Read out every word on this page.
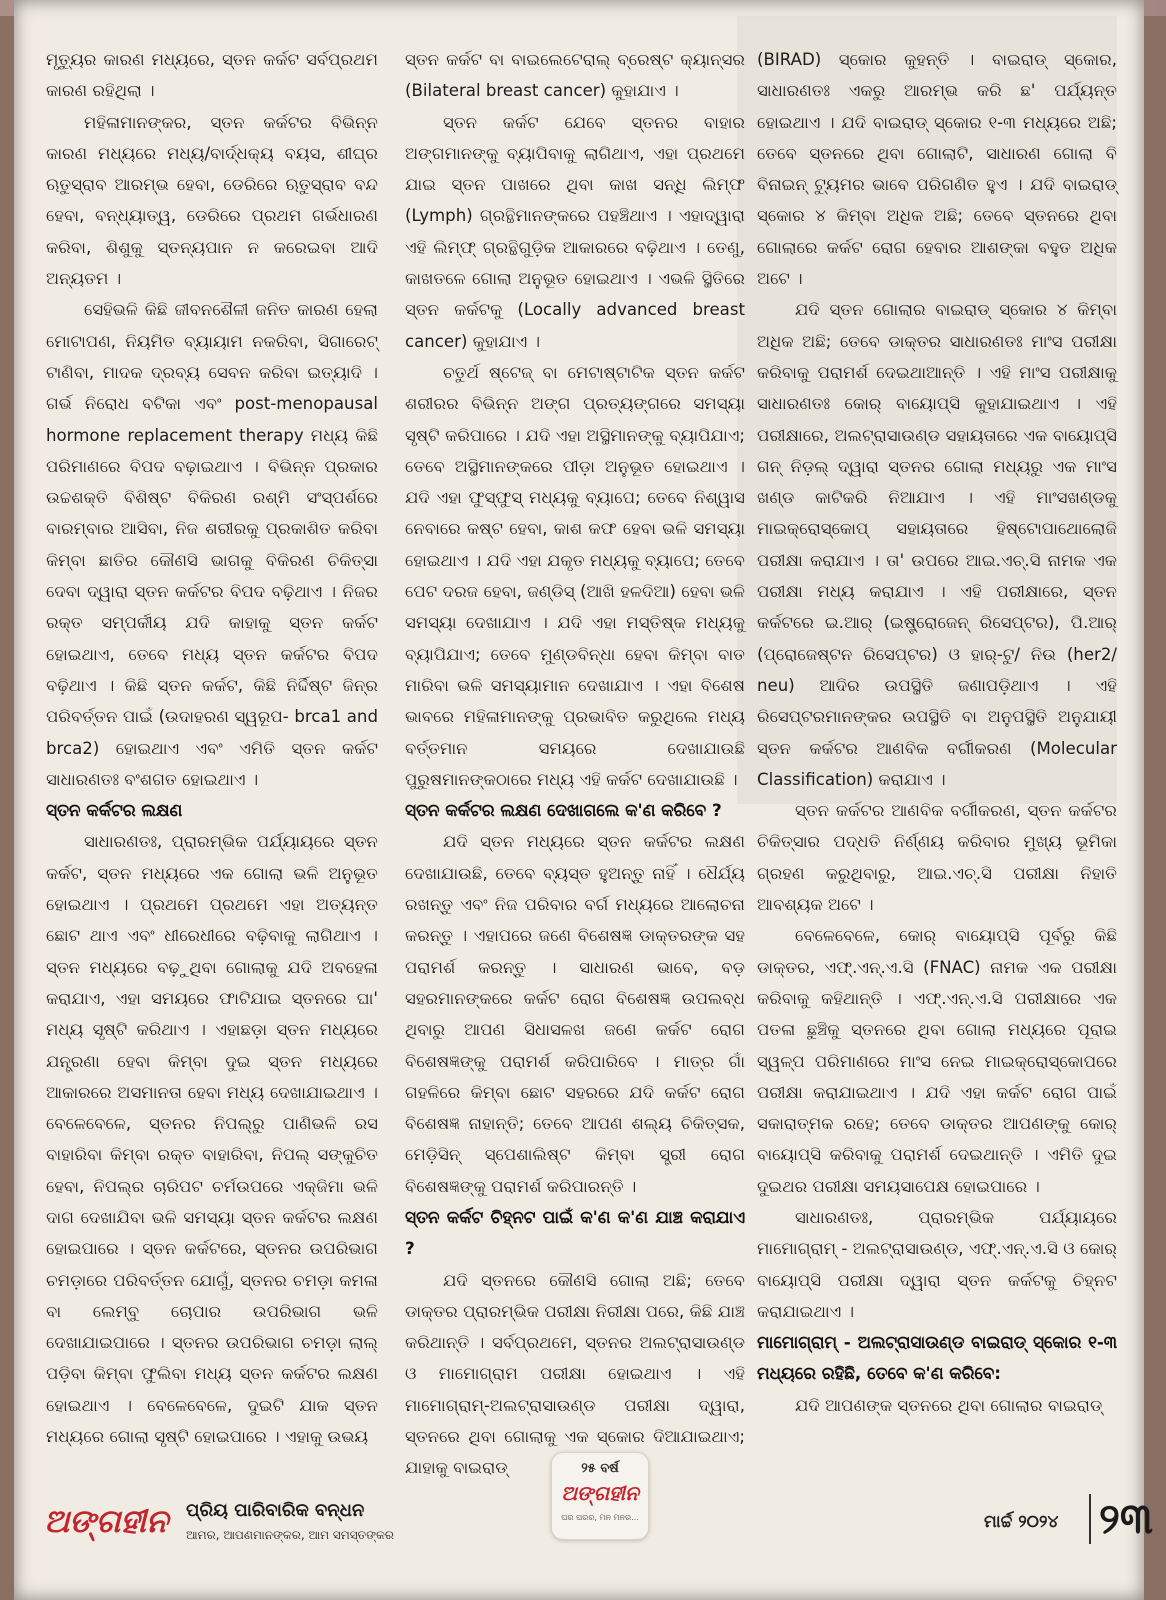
ମୃତ୍ୟୁର କାରଣ ମଧ୍ୟରେ, ସ୍ତନ କର୍କଟ ସର୍ବପ୍ରଥମ କାରଣ ରହିଥିଲା ।

ମହିଳାମାନଙ୍କର, ସ୍ତନ କର୍କଟର ବିଭିନ୍ନ କାରଣ ମଧ୍ୟରେ ମଧ୍ୟ/ବାର୍ଦ୍ଧକ୍ୟ ବୟସ, ଶୀଘ୍ର ଋତୁସ୍ରାବ ଆରମ୍ଭ ହେବା, ଡେରିରେ ଋତୁସ୍ରାବ ବନ୍ଦ ହେବା, ବନ୍ଧ୍ୟାତ୍ୱ, ଡେରିରେ ପ୍ରଥମ ଗର୍ଭଧାରଣ କରିବା, ଶିଶୁକୁ ସ୍ତନ୍ୟପାନ ନ କରେଇବା ଆଦି ଅନ୍ୟତମ ।

ସେହିଭଳି କିଛି ଜୀବନଶୈଳୀ ଜନିତ କାରଣ ହେଲା ମୋଟାପଣ, ନିୟମିତ ବ୍ୟାୟାମ ନକରିବା, ସିଗାରେଟ୍ ଟାଣିବା, ମାଦକ ଦ୍ରବ୍ୟ ସେବନ କରିବା ଇତ୍ୟାଦି । ଗର୍ଭ ନିରୋଧ ବଟିକା ଏବଂ post-menopausal hormone replacement therapy ମଧ୍ୟ କିଛି ପରିମାଣରେ ବିପଦ ବଢ଼ାଇଥାଏ । ବିଭିନ୍ନ ପ୍ରକାର ଉଚ୍ଚଶକ୍ତି ବିଶିଷ୍ଟ ବିକିରଣ ରଶ୍ମି ସଂସ୍ପର୍ଶରେ ବାରମ୍ବାର ଆସିବା, ନିଜ ଶରୀରକୁ ପ୍ରକାଶିତ କରିବା କିମ୍ବା ଛାତିର କୌଣସି ଭାଗକୁ ବିକିରଣ ଚିକିତ୍ସା ଦେବା ଦ୍ୱାରା ସ୍ତନ କର୍କଟର ବିପଦ ବଢ଼ିଥାଏ । ନିଜର ରକ୍ତ ସମ୍ପର୍କୀୟ ଯଦି କାହାକୁ ସ୍ତନ କର୍କଟ ହୋଇଥାଏ, ତେବେ ମଧ୍ୟ ସ୍ତନ କର୍କଟର ବିପଦ ବଢ଼ିଥାଏ । କିଛି ସ୍ତନ କର୍କଟ, କିଛି ନିର୍ଦ୍ଦିଷ୍ଟ ଜିନ୍‌ର ପରିବର୍ତ୍ତନ ପାଇଁ (ଉଦାହରଣ ସ୍ୱରୂପ- brca1 and brca2) ହୋଇଥାଏ ଏବଂ ଏମିତି ସ୍ତନ କର୍କଟ ସାଧାରଣତଃ ବଂଶଗତ ହୋଇଥାଏ ।

ସ୍ତନ କର୍କଟର ଲକ୍ଷଣ

ସାଧାରଣତଃ, ପ୍ରାରମ୍ଭିକ ପର୍ଯ୍ୟାୟରେ ସ୍ତନ କର୍କଟ, ସ୍ତନ ମଧ୍ୟରେ ଏକ ଗୋଲା ଭଳି ଅନୁଭୂତ ହୋଇଥାଏ । ପ୍ରଥମେ ପ୍ରଥମେ ଏହା ଅତ୍ୟନ୍ତ ଛୋଟ ଥାଏ ଏବଂ ଧୀରେଧୀରେ ବଢ଼ିବାକୁ ଲାଗିଥାଏ । ସ୍ତନ ମଧ୍ୟରେ ବଢ଼ୁଥିବା ଗୋଲାକୁ ଯଦି ଅବହେଳା କରାଯାଏ, ଏହା ସମୟରେ ଫାଟିଯାଇ ସ୍ତନରେ ଘା' ମଧ୍ୟ ସୃଷ୍ଟି କରିଥାଏ । ଏହାଛଡ଼ା ସ୍ତନ ମଧ୍ୟରେ ଯନ୍ତ୍ରଣା ହେବା କିମ୍ବା ଦୁଇ ସ୍ତନ ମଧ୍ୟରେ ଆକାରରେ ଅସମାନତା ହେବା ମଧ୍ୟ ଦେଖାଯାଇଥାଏ । ବେଳେବେଳେ, ସ୍ତନର ନିପଲ୍‌ରୁ ପାଣିଭଳି ରସ ବାହାରିବା କିମ୍ବା ରକ୍ତ ବାହାରିବା, ନିପଲ୍ ସଙ୍କୁଚିତ ହେବା, ନିପଲ୍‌ର ଚାରିପଟ ଚର୍ମଉପରେ ଏକ୍‌ଜିମା ଭଳି ଦାଗ ଦେଖାଯିବା ଭଳି ସମସ୍ୟା ସ୍ତନ କର୍କଟର ଲକ୍ଷଣ ହୋଇପାରେ । ସ୍ତନ କର୍କଟରେ, ସ୍ତନର ଉପରିଭାଗ ଚମଡ଼ାରେ ପରିବର୍ତ୍ତନ ଯୋଗୁଁ, ସ୍ତନର ଚମଡ଼ା କମଳା ବା ଲେମ୍ବୁ ଚୋପାର ଉପରିଭାଗ ଭଳି ଦେଖାଯାଇପାରେ । ସ୍ତନର ଉପରିଭାଗ ଚମଡ଼ା ଲାଲ୍ ପଡ଼ିବା କିମ୍ବା ଫୁଲିବା ମଧ୍ୟ ସ୍ତନ କର୍କଟର ଲକ୍ଷଣ ହୋଇଥାଏ । ବେଳେବେଳେ, ଦୁଇଟି ଯାକ ସ୍ତନ ମଧ୍ୟରେ ଗୋଲା ସୃଷ୍ଟି ହୋଇପାରେ । ଏହାକୁ ଉଭୟ

ସ୍ତନ କର୍କଟ ବା ବାଇଲେଟେରାଲ୍ ବ୍ରେଷ୍ଟ କ୍ୟାନ୍ସର (Bilateral breast cancer) କୁହାଯାଏ ।

ସ୍ତନ କର୍କଟ ଯେବେ ସ୍ତନର ବାହାର ଅଙ୍ଗମାନଙ୍କୁ ବ୍ୟାପିବାକୁ ଲାଗିଥାଏ, ଏହା ପ୍ରଥମେ ଯାଇ ସ୍ତନ ପାଖରେ ଥିବା କାଖ ସନ୍ଧି ଲିମ୍ଫ (Lymph) ଗ୍ରନ୍ଥିମାନଙ୍କରେ ପହଞ୍ଚିଥାଏ । ଏହାଦ୍ୱାରା ଏହି ଲିମ୍ଫ୍ ଗ୍ରନ୍ଥିଗୁଡ଼ିକ ଆକାରରେ ବଢ଼ିଥାଏ । ତେଣୁ, କାଖତଳେ ଗୋଲା ଅନୁଭୂତ ହୋଇଥାଏ । ଏଭଳି ସ୍ଥିତିରେ ସ୍ତନ କର୍କଟକୁ (Locally advanced breast cancer) କୁହାଯାଏ ।

ଚତୁର୍ଥ ଷ୍ଟେଜ୍ ବା ମେଟାଷ୍ଟାଟିକ ସ୍ତନ କର୍କଟ ଶରୀରର ବିଭିନ୍ନ ଅଙ୍ଗ ପ୍ରତ୍ୟଙ୍ଗରେ ସମସ୍ୟା ସୃଷ୍ଟି କରିପାରେ । ଯଦି ଏହା ଅସ୍ଥିମାନଙ୍କୁ ବ୍ୟାପିଯାଏ; ତେବେ ଅସ୍ଥିମାନଙ୍କରେ ପୀଡ଼ା ଅନୁଭୂତ ହୋଇଥାଏ । ଯଦି ଏହା ଫୁସ୍‌ଫୁସ୍ ମଧ୍ୟକୁ ବ୍ୟାପେ; ତେବେ ନିଶ୍ୱାସ ନେବାରେ କଷ୍ଟ ହେବା, କାଶ କଫ ହେବା ଭଳି ସମସ୍ୟା ହୋଇଥାଏ । ଯଦି ଏହା ଯକୃତ ମଧ୍ୟକୁ ବ୍ୟାପେ; ତେବେ ପେଟ ଦରଜ ହେବା, ଜଣ୍ଡିସ୍ (ଆଖି ହଳଦିଆ) ହେବା ଭଳି ସମସ୍ୟା ଦେଖାଯାଏ । ଯଦି ଏହା ମସ୍ତିଷ୍କ ମଧ୍ୟକୁ ବ୍ୟାପିଯାଏ; ତେବେ ମୁଣ୍ଡବିନ୍ଧା ହେବା କିମ୍ବା ବାତ ମାରିବା ଭଳି ସମସ୍ୟାମାନ ଦେଖାଯାଏ । ଏହା ବିଶେଷ ଭାବରେ ମହିଳାମାନଙ୍କୁ ପ୍ରଭାବିତ କରୁଥିଲେ ମଧ୍ୟ ବର୍ତ୍ତମାନ ସମୟରେ ଦେଖାଯାଉଛି ପୁରୁଷମାନଙ୍କଠାରେ ମଧ୍ୟ ଏହି କର୍କଟ ଦେଖାଯାଉଛି ।

ସ୍ତନ କର୍କଟର ଲକ୍ଷଣ ଦେଖାଗଲେ କ'ଣ କରିବେ ?

ଯଦି ସ୍ତନ ମଧ୍ୟରେ ସ୍ତନ କର୍କଟର ଲକ୍ଷଣ ଦେଖାଯାଉଛି, ତେବେ ବ୍ୟସ୍ତ ହୁଅନ୍ତୁ ନାହିଁ । ଧୈର୍ଯ୍ୟ ରଖନ୍ତୁ ଏବଂ ନିଜ ପରିବାର ବର୍ଗ ମଧ୍ୟରେ ଆଲୋଚନା କରନ୍ତୁ । ଏହାପରେ ଜଣେ ବିଶେଷଜ୍ଞ ଡାକ୍ତରଙ୍କ ସହ ପରାମର୍ଶ କରନ୍ତୁ । ସାଧାରଣ ଭାବେ, ବଡ଼ ସହରମାନଙ୍କରେ କର୍କଟ ରୋଗ ବିଶେଷଜ୍ଞ ଉପଲବ୍ଧ ଥିବାରୁ ଆପଣ ସିଧାସଳଖ ଜଣେ କର୍କଟ ରୋଗ ବିଶେଷଜ୍ଞଙ୍କୁ ପରାମର୍ଶ କରିପାରିବେ । ମାତ୍ର ଗାଁ ଗହଳିରେ କିମ୍ବା ଛୋଟ ସହରରେ ଯଦି କର୍କଟ ରୋଗ ବିଶେଷଜ୍ଞ ନାହାନ୍ତି; ତେବେ ଆପଣ ଶଲ୍ୟ ଚିକିତ୍ସକ, ମେଡ଼ିସିନ୍ ସ୍ପେଶାଲିଷ୍ଟ କିମ୍ବା ସ୍ତ୍ରୀ ରୋଗ ବିଶେଷଜ୍ଞଙ୍କୁ ପରାମର୍ଶ କରିପାରନ୍ତି ।

ସ୍ତନ କର୍କଟ ଚିହ୍ନଟ ପାଇଁ କ'ଣ କ'ଣ ଯାଞ୍ଚ କରାଯାଏ ?

ଯଦି ସ୍ତନରେ କୌଣସି ଗୋଲା ଅଛି; ତେବେ ଡାକ୍ତର ପ୍ରାରମ୍ଭିକ ପରୀକ୍ଷା ନିରୀକ୍ଷା ପରେ, କିଛି ଯାଞ୍ଚ କରିଥାନ୍ତି । ସର୍ବପ୍ରଥମେ, ସ୍ତନର ଅଲଟ୍ରାସାଉଣ୍ଡ ଓ ମାମୋଗ୍ରାମ ପରୀକ୍ଷା ହୋଇଥାଏ । ଏହି ମାମୋଗ୍ରାମ୍-ଅଲଟ୍ରାସାଉଣ୍ଡ ପରୀକ୍ଷା ଦ୍ୱାରା, ସ୍ତନରେ ଥିବା ଗୋଲାକୁ ଏକ ସ୍କୋର ଦିଆଯାଇଥାଏ; ଯାହାକୁ ବାଇରାଡ୍

(BIRAD) ସ୍କୋର କୁହନ୍ତି । ବାଇରାଡ୍ ସ୍କୋର, ସାଧାରଣତଃ ଏକରୁ ଆରମ୍ଭ କରି ଛ' ପର୍ଯ୍ୟନ୍ତ ହୋଇଥାଏ । ଯଦି ବାଇରାଡ୍ ସ୍କୋର ୧-୩ ମଧ୍ୟରେ ଅଛି; ତେବେ ସ୍ତନରେ ଥିବା ଗୋଲାଟି, ସାଧାରଣ ଗୋଲା ବି ବିନାଇନ୍ ଟ୍ୟୁମର ଭାବେ ପରିଗଣିତ ହୁଏ । ଯଦି ବାଇରାଡ୍ ସ୍କୋର ୪ କିମ୍ବା ଅଧିକ ଅଛି; ତେବେ ସ୍ତନରେ ଥିବା ଗୋଲାରେ କର୍କଟ ରୋଗ ହେବାର ଆଶଙ୍କା ବହୁତ ଅଧିକ ଅଟେ ।

ଯଦି ସ୍ତନ ଗୋଲାର ବାଇରାଡ୍ ସ୍କୋର ୪ କିମ୍ବା ଅଧିକ ଅଛି; ତେବେ ଡାକ୍ତର ସାଧାରଣତଃ ମାଂସ ପରୀକ୍ଷା କରିବାକୁ ପରାମର୍ଶ ଦେଇଥାଆନ୍ତି । ଏହି ମାଂସ ପରୀକ୍ଷାକୁ ସାଧାରଣତଃ କୋର୍ ବାୟୋପ୍ସି କୁହାଯାଇଥାଏ । ଏହି ପରୀକ୍ଷାରେ, ଅଲଟ୍ରାସାଉଣ୍ଡ ସହାୟତାରେ ଏକ ବାୟୋପ୍ସି ଗନ୍ ନିଡ଼ଲ୍ ଦ୍ୱାରା ସ୍ତନର ଗୋଲା ମଧ୍ୟରୁ ଏକ ମାଂସ ଖଣ୍ଡ କାଟିକରି ନିଆଯାଏ । ଏହି ମାଂସଖଣ୍ଡକୁ ମାଇକ୍ରୋସ୍କୋପ୍ ସହାୟତାରେ ହିଷ୍ଟୋପାଥୋଲୋଜି ପରୀକ୍ଷା କରାଯାଏ । ତା' ଉପରେ ଆଇ.ଏଚ୍.ସି ନାମକ ଏକ ପରୀକ୍ଷା ମଧ୍ୟ କରାଯାଏ । ଏହି ପରୀକ୍ଷାରେ, ସ୍ତନ କର୍କଟରେ ଇ.ଆର୍ (ଇଷ୍ଟ୍ରୋଜେନ୍ ରିସେପ୍ଟର), ପି.ଆର୍ (ପ୍ରୋଜେଷ୍ଟନ ରିସେପ୍ଟର) ଓ ହାର୍-ଟୁ/ ନିଉ (her2/ neu) ଆଦିର ଉପସ୍ଥିତି ଜଣାପଡ଼ିଥାଏ । ଏହି ରିସେପ୍ଟରମାନଙ୍କର ଉପସ୍ଥିତି ବା ଅନୁପସ୍ଥିତି ଅନୁଯାୟୀ ସ୍ତନ କର୍କଟର ଆଣବିକ ବର୍ଗୀକରଣ (Molecular Classification) କରାଯାଏ ।

ସ୍ତନ କର୍କଟର ଆଣବିକ ବର୍ଗୀକରଣ, ସ୍ତନ କର୍କଟର ଚିକିତ୍ସାର ପଦ୍ଧତି ନିର୍ଣ୍ଣୟ କରିବାର ମୁଖ୍ୟ ଭୂମିକା ଗ୍ରହଣ କରୁଥିବାରୁ, ଆଇ.ଏଚ୍.ସି ପରୀକ୍ଷା ନିହାତି ଆବଶ୍ୟକ ଅଟେ ।

ବେଳେବେଳେ, କୋର୍ ବାୟୋପ୍ସି ପୂର୍ବରୁ କିଛି ଡାକ୍ତର, ଏଫ୍.ଏନ୍.ଏ.ସି (FNAC) ନାମକ ଏକ ପରୀକ୍ଷା କରିବାକୁ କହିଥାନ୍ତି । ଏଫ୍.ଏନ୍.ଏ.ସି ପରୀକ୍ଷାରେ ଏକ ପତଳା ଛୁଞ୍ଚିକୁ ସ୍ତନରେ ଥିବା ଗୋଲା ମଧ୍ୟରେ ପୂରାଇ ସ୍ୱଳ୍ପ ପରିମାଣରେ ମାଂସ ନେଇ ମାଇକ୍ରୋସ୍କୋପରେ ପରୀକ୍ଷା କରାଯାଇଥାଏ । ଯଦି ଏହା କର୍କଟ ରୋଗ ପାଇଁ ସକାରାତ୍ମକ ରହେ; ତେବେ ଡାକ୍ତର ଆପଣଙ୍କୁ କୋର୍ ବାୟୋପ୍ସି କରିବାକୁ ପରାମର୍ଶ ଦେଇଥାନ୍ତି । ଏମିତି ଦୁଇ ଦୁଇଥର ପରୀକ୍ଷା ସମୟସାପେକ୍ଷ ହୋଇପାରେ ।

ସାଧାରଣତଃ, ପ୍ରାରମ୍ଭିକ ପର୍ଯ୍ୟାୟରେ ମାମୋଗ୍ରାମ୍ - ଅଲଟ୍ରାସାଉଣ୍ଡ, ଏଫ୍.ଏନ୍.ଏ.ସି ଓ କୋର୍ ବାୟୋପ୍ସି ପରୀକ୍ଷା ଦ୍ୱାରା ସ୍ତନ କର୍କଟକୁ ଚିହ୍ନଟ କରାଯାଇଥାଏ ।

ମାମୋଗ୍ରାମ୍ - ଅଲଟ୍ରାସାଉଣ୍ଡ ବାଇରାଡ୍ ସ୍କୋର ୧-୩ ମଧ୍ୟରେ ରହିଛି, ତେବେ କ'ଣ କରିବେ:

ଯଦି ଆପଣଙ୍କ ସ୍ତନରେ ଥିବା ଗୋଲାର ବାଇରାଡ୍

ଅଙ୍ଗହୀନ ପ୍ରିୟ ପାରିବାରିକ ବନ୍ଧନ
ଆମର, ଆପଣମାନଙ୍କର, ଆମ ସମସ୍ତଙ୍କର
୨୫ ବର୍ଷ
ଅଙ୍ଗହୀନ
ଘର ଘରର, ମନ ମନର...	ମାର୍ଚ୍ଚ ୨୦୨୪ ୨୩
